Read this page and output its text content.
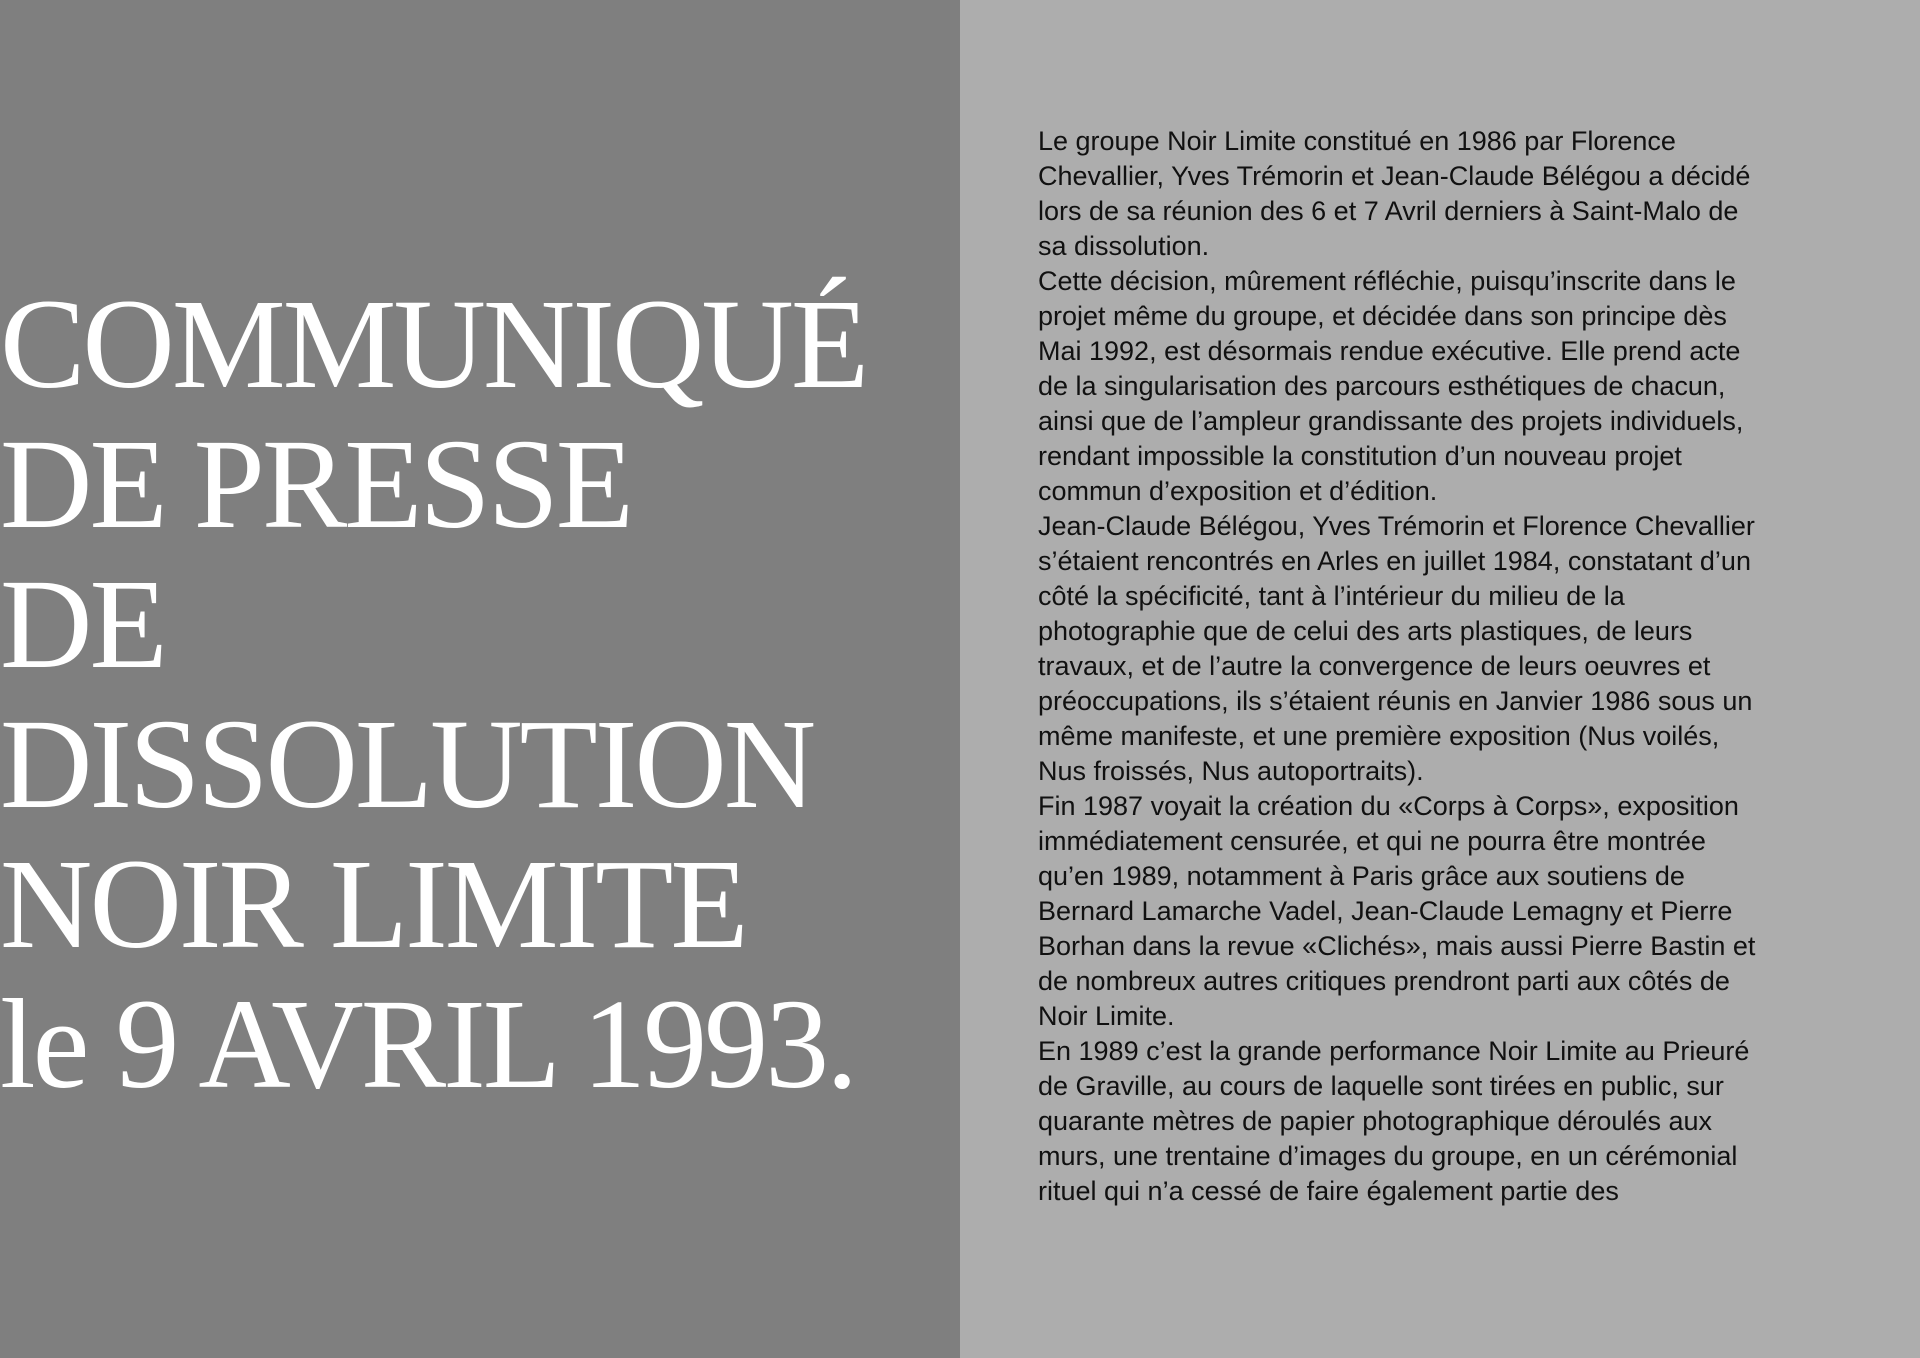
COMMUNIQUÉ
DE PRESSE
DE
DISSOLUTION
NOIR LIMITE
le 9 AVRIL 1993.
Le groupe Noir Limite constitué en 1986 par Florence
Chevallier, Yves Trémorin et Jean-Claude Bélégou a décidé
lors de sa réunion des 6 et 7 Avril derniers à Saint-Malo de
sa dissolution.
Cette décision, mûrement réfléchie, puisqu’inscrite dans le
projet même du groupe, et décidée dans son principe dès
Mai 1992, est désormais rendue exécutive. Elle prend acte
de la singularisation des parcours esthétiques de chacun,
ainsi que de l’ampleur grandissante des projets individuels,
rendant impossible la constitution d’un nouveau projet
commun d’exposition et d’édition.
Jean-Claude Bélégou, Yves Trémorin et Florence Chevallier
s’étaient rencontrés en Arles en juillet 1984, constatant d’un
côté la spécificité, tant à l’intérieur du milieu de la
photographie que de celui des arts plastiques, de leurs
travaux, et de l’autre la convergence de leurs oeuvres et
préoccupations, ils s’étaient réunis en Janvier 1986 sous un
même manifeste, et une première exposition (Nus voilés,
Nus froissés, Nus autoportraits).
Fin 1987 voyait la création du «Corps à Corps», exposition
immédiatement censurée, et qui ne pourra être montrée
qu’en 1989, notamment à Paris grâce aux soutiens de
Bernard Lamarche Vadel, Jean-Claude Lemagny et Pierre
Borhan dans la revue «Clichés», mais aussi Pierre Bastin et
de nombreux autres critiques prendront parti aux côtés de
Noir Limite.
En 1989 c’est la grande performance Noir Limite au Prieuré
de Graville, au cours de laquelle sont tirées en public, sur
quarante mètres de papier photographique déroulés aux
murs, une trentaine d’images du groupe, en un cérémonial
rituel qui n’a cessé de faire également partie des
